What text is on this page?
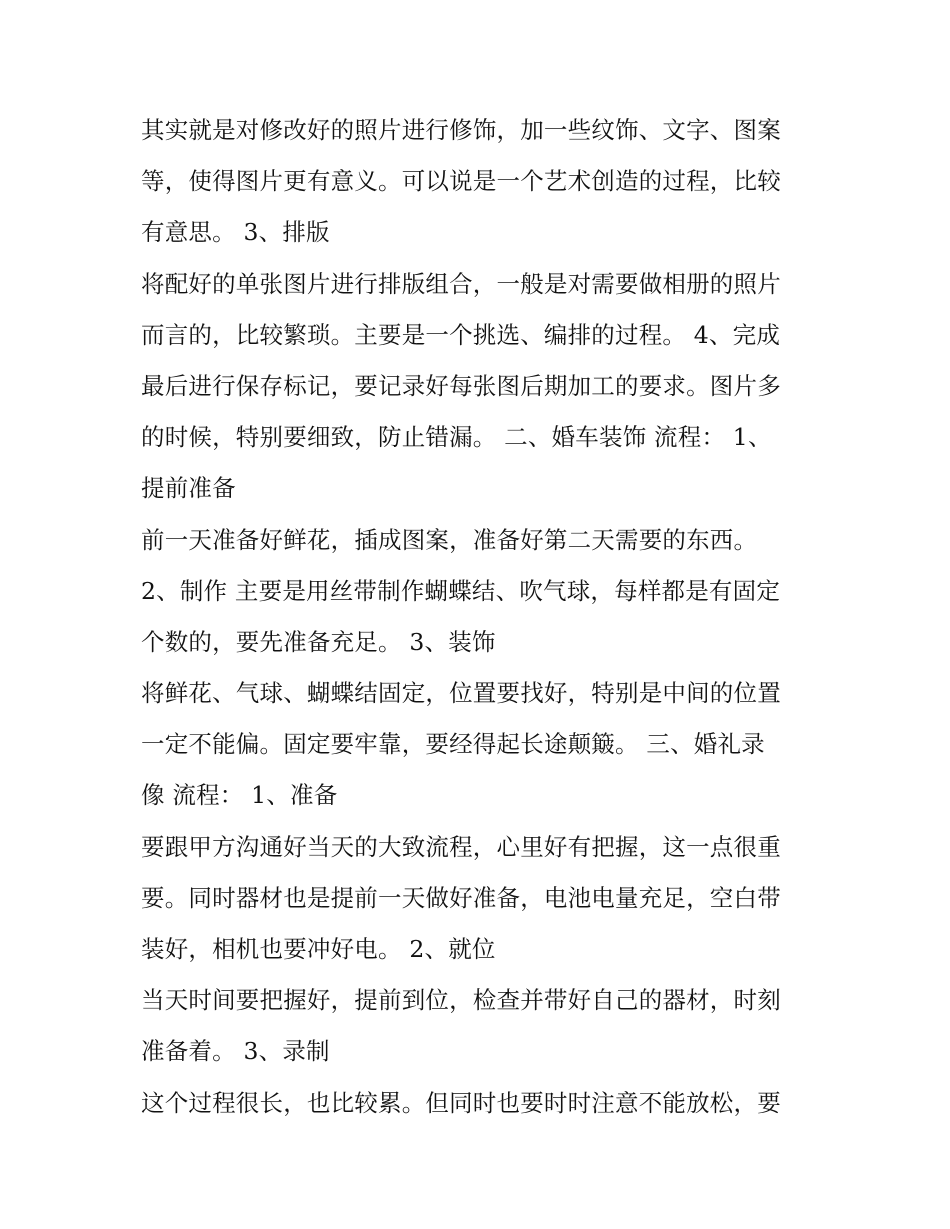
其实就是对修改好的照片进行修饰，加一些纹饰、文字、图案
等，使得图片更有意义。可以说是一个艺术创造的过程，比较
有意思。 3、排版
将配好的单张图片进行排版组合，一般是对需要做相册的照片
而言的，比较繁琐。主要是一个挑选、编排的过程。 4、完成
最后进行保存标记，要记录好每张图后期加工的要求。图片多
的时候，特别要细致，防止错漏。 二、婚车装饰 流程： 1、
提前准备
前一天准备好鲜花，插成图案，准备好第二天需要的东西。
2、制作 主要是用丝带制作蝴蝶结、吹气球，每样都是有固定
个数的，要先准备充足。 3、装饰
将鲜花、气球、蝴蝶结固定，位置要找好，特别是中间的位置
一定不能偏。固定要牢靠，要经得起长途颠簸。 三、婚礼录
像 流程： 1、准备
要跟甲方沟通好当天的大致流程，心里好有把握，这一点很重
要。同时器材也是提前一天做好准备，电池电量充足，空白带
装好，相机也要冲好电。 2、就位
当天时间要把握好，提前到位，检查并带好自己的器材，时刻
准备着。 3、录制
这个过程很长，也比较累。但同时也要时时注意不能放松，要
